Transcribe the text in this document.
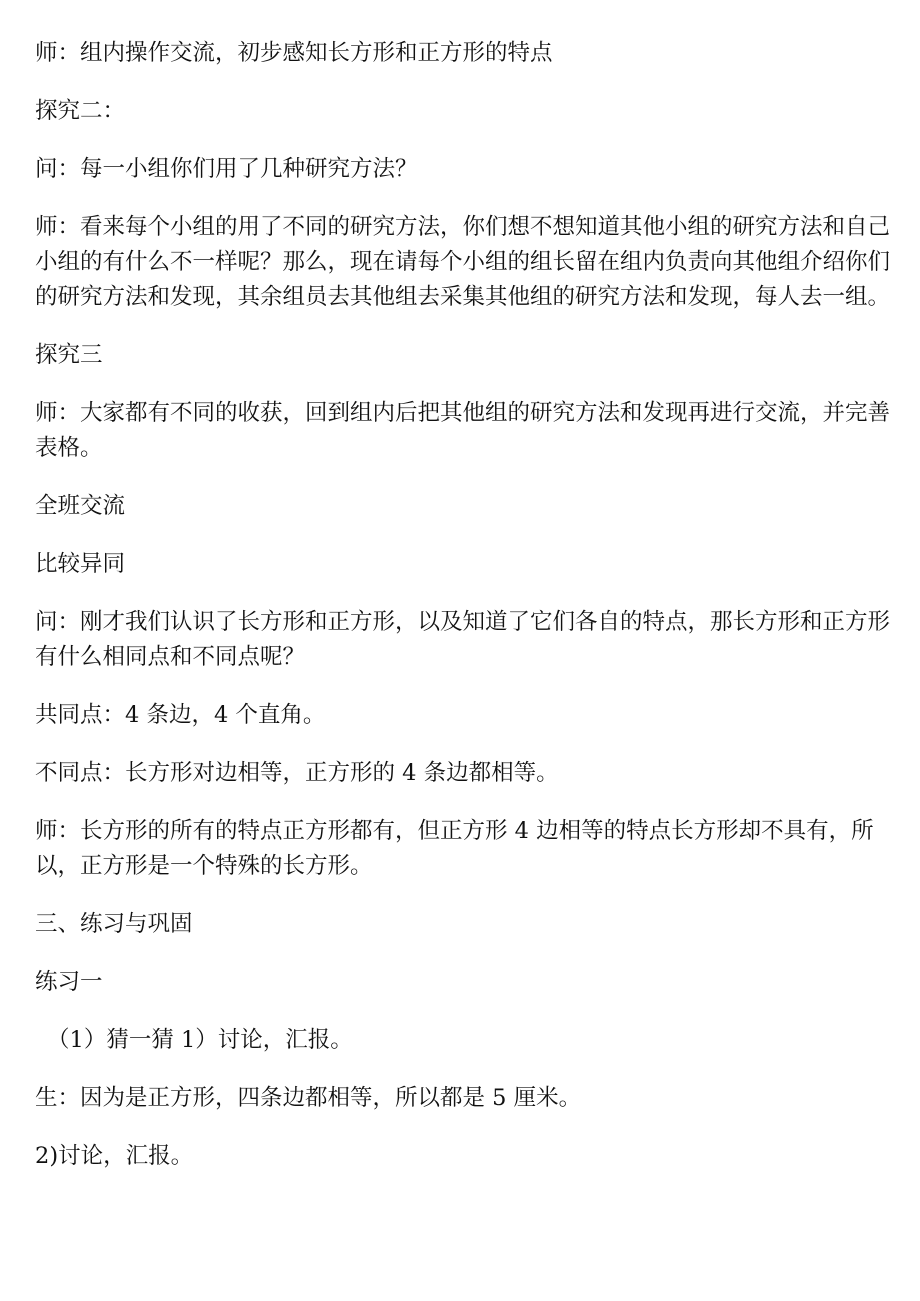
师：组内操作交流，初步感知长方形和正方形的特点

探究二：

问：每一小组你们用了几种研究方法？

师：看来每个小组的用了不同的研究方法，你们想不想知道其他小组的研究方法和自己小组的有什么不一样呢？那么，现在请每个小组的组长留在组内负责向其他组介绍你们的研究方法和发现，其余组员去其他组去采集其他组的研究方法和发现，每人去一组。

探究三

师：大家都有不同的收获，回到组内后把其他组的研究方法和发现再进行交流，并完善表格。

全班交流

比较异同

问：刚才我们认识了长方形和正方形，以及知道了它们各自的特点，那长方形和正方形有什么相同点和不同点呢？

共同点：4 条边，4 个直角。

不同点：长方形对边相等，正方形的 4 条边都相等。

师：长方形的所有的特点正方形都有，但正方形 4 边相等的特点长方形却不具有，所以，正方形是一个特殊的长方形。

三、练习与巩固

练习一

（1）猜一猜 1）讨论，汇报。

生：因为是正方形，四条边都相等，所以都是 5 厘米。

2)讨论，汇报。
